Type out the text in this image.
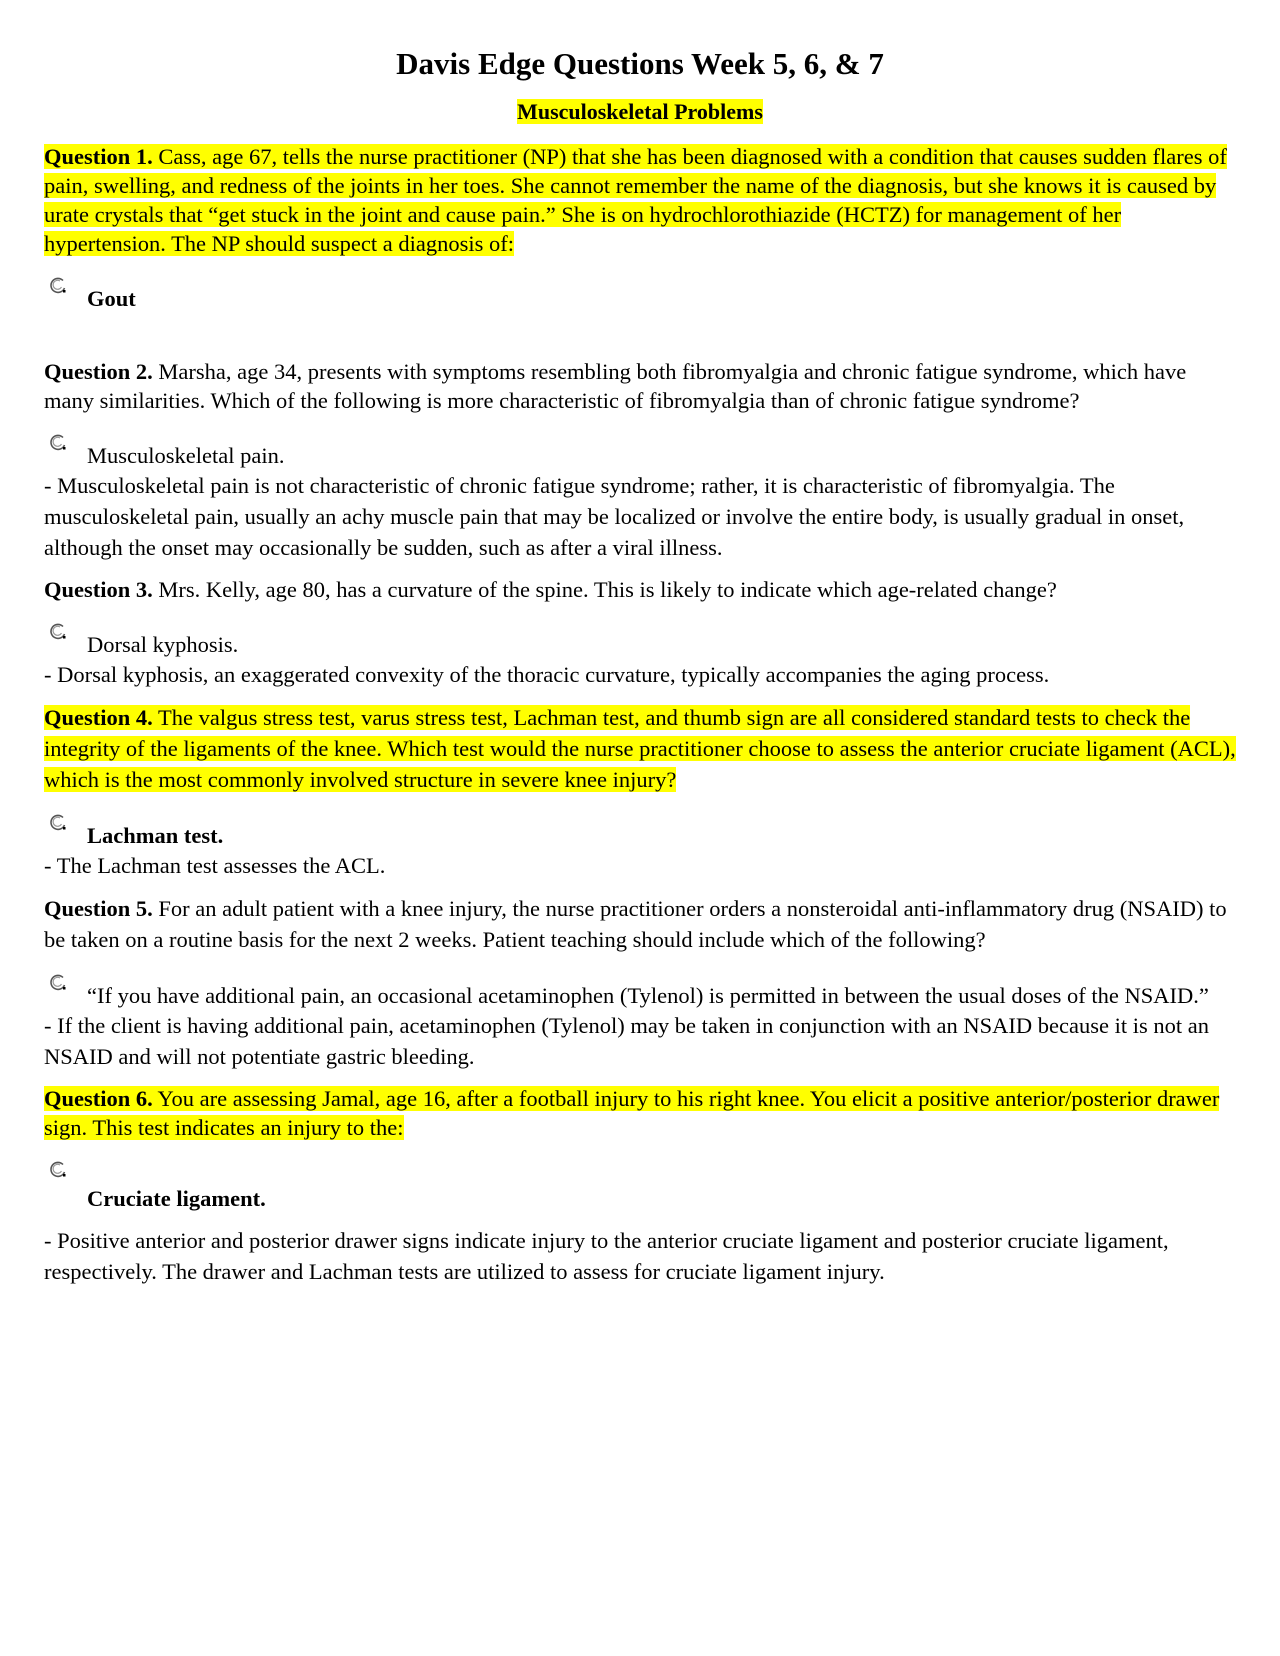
Davis Edge Questions Week 5, 6, & 7
Musculoskeletal Problems
Question 1. Cass, age 67, tells the nurse practitioner (NP) that she has been diagnosed with a condition that causes sudden flares of pain, swelling, and redness of the joints in her toes. She cannot remember the name of the diagnosis, but she knows it is caused by urate crystals that “get stuck in the joint and cause pain.” She is on hydrochlorothiazide (HCTZ) for management of her hypertension. The NP should suspect a diagnosis of:
Gout
Question 2. Marsha, age 34, presents with symptoms resembling both fibromyalgia and chronic fatigue syndrome, which have many similarities. Which of the following is more characteristic of fibromyalgia than of chronic fatigue syndrome?
Musculoskeletal pain.
- Musculoskeletal pain is not characteristic of chronic fatigue syndrome; rather, it is characteristic of fibromyalgia. The musculoskeletal pain, usually an achy muscle pain that may be localized or involve the entire body, is usually gradual in onset, although the onset may occasionally be sudden, such as after a viral illness.
Question 3. Mrs. Kelly, age 80, has a curvature of the spine. This is likely to indicate which age-related change?
Dorsal kyphosis.
- Dorsal kyphosis, an exaggerated convexity of the thoracic curvature, typically accompanies the aging process.
Question 4. The valgus stress test, varus stress test, Lachman test, and thumb sign are all considered standard tests to check the integrity of the ligaments of the knee. Which test would the nurse practitioner choose to assess the anterior cruciate ligament (ACL), which is the most commonly involved structure in severe knee injury?
Lachman test.
- The Lachman test assesses the ACL.
Question 5. For an adult patient with a knee injury, the nurse practitioner orders a nonsteroidal anti-inflammatory drug (NSAID) to be taken on a routine basis for the next 2 weeks. Patient teaching should include which of the following?
“If you have additional pain, an occasional acetaminophen (Tylenol) is permitted in between the usual doses of the NSAID.”
- If the client is having additional pain, acetaminophen (Tylenol) may be taken in conjunction with an NSAID because it is not an NSAID and will not potentiate gastric bleeding.
Question 6. You are assessing Jamal, age 16, after a football injury to his right knee. You elicit a positive anterior/posterior drawer sign. This test indicates an injury to the:
Cruciate ligament.
- Positive anterior and posterior drawer signs indicate injury to the anterior cruciate ligament and posterior cruciate ligament, respectively. The drawer and Lachman tests are utilized to assess for cruciate ligament injury.
